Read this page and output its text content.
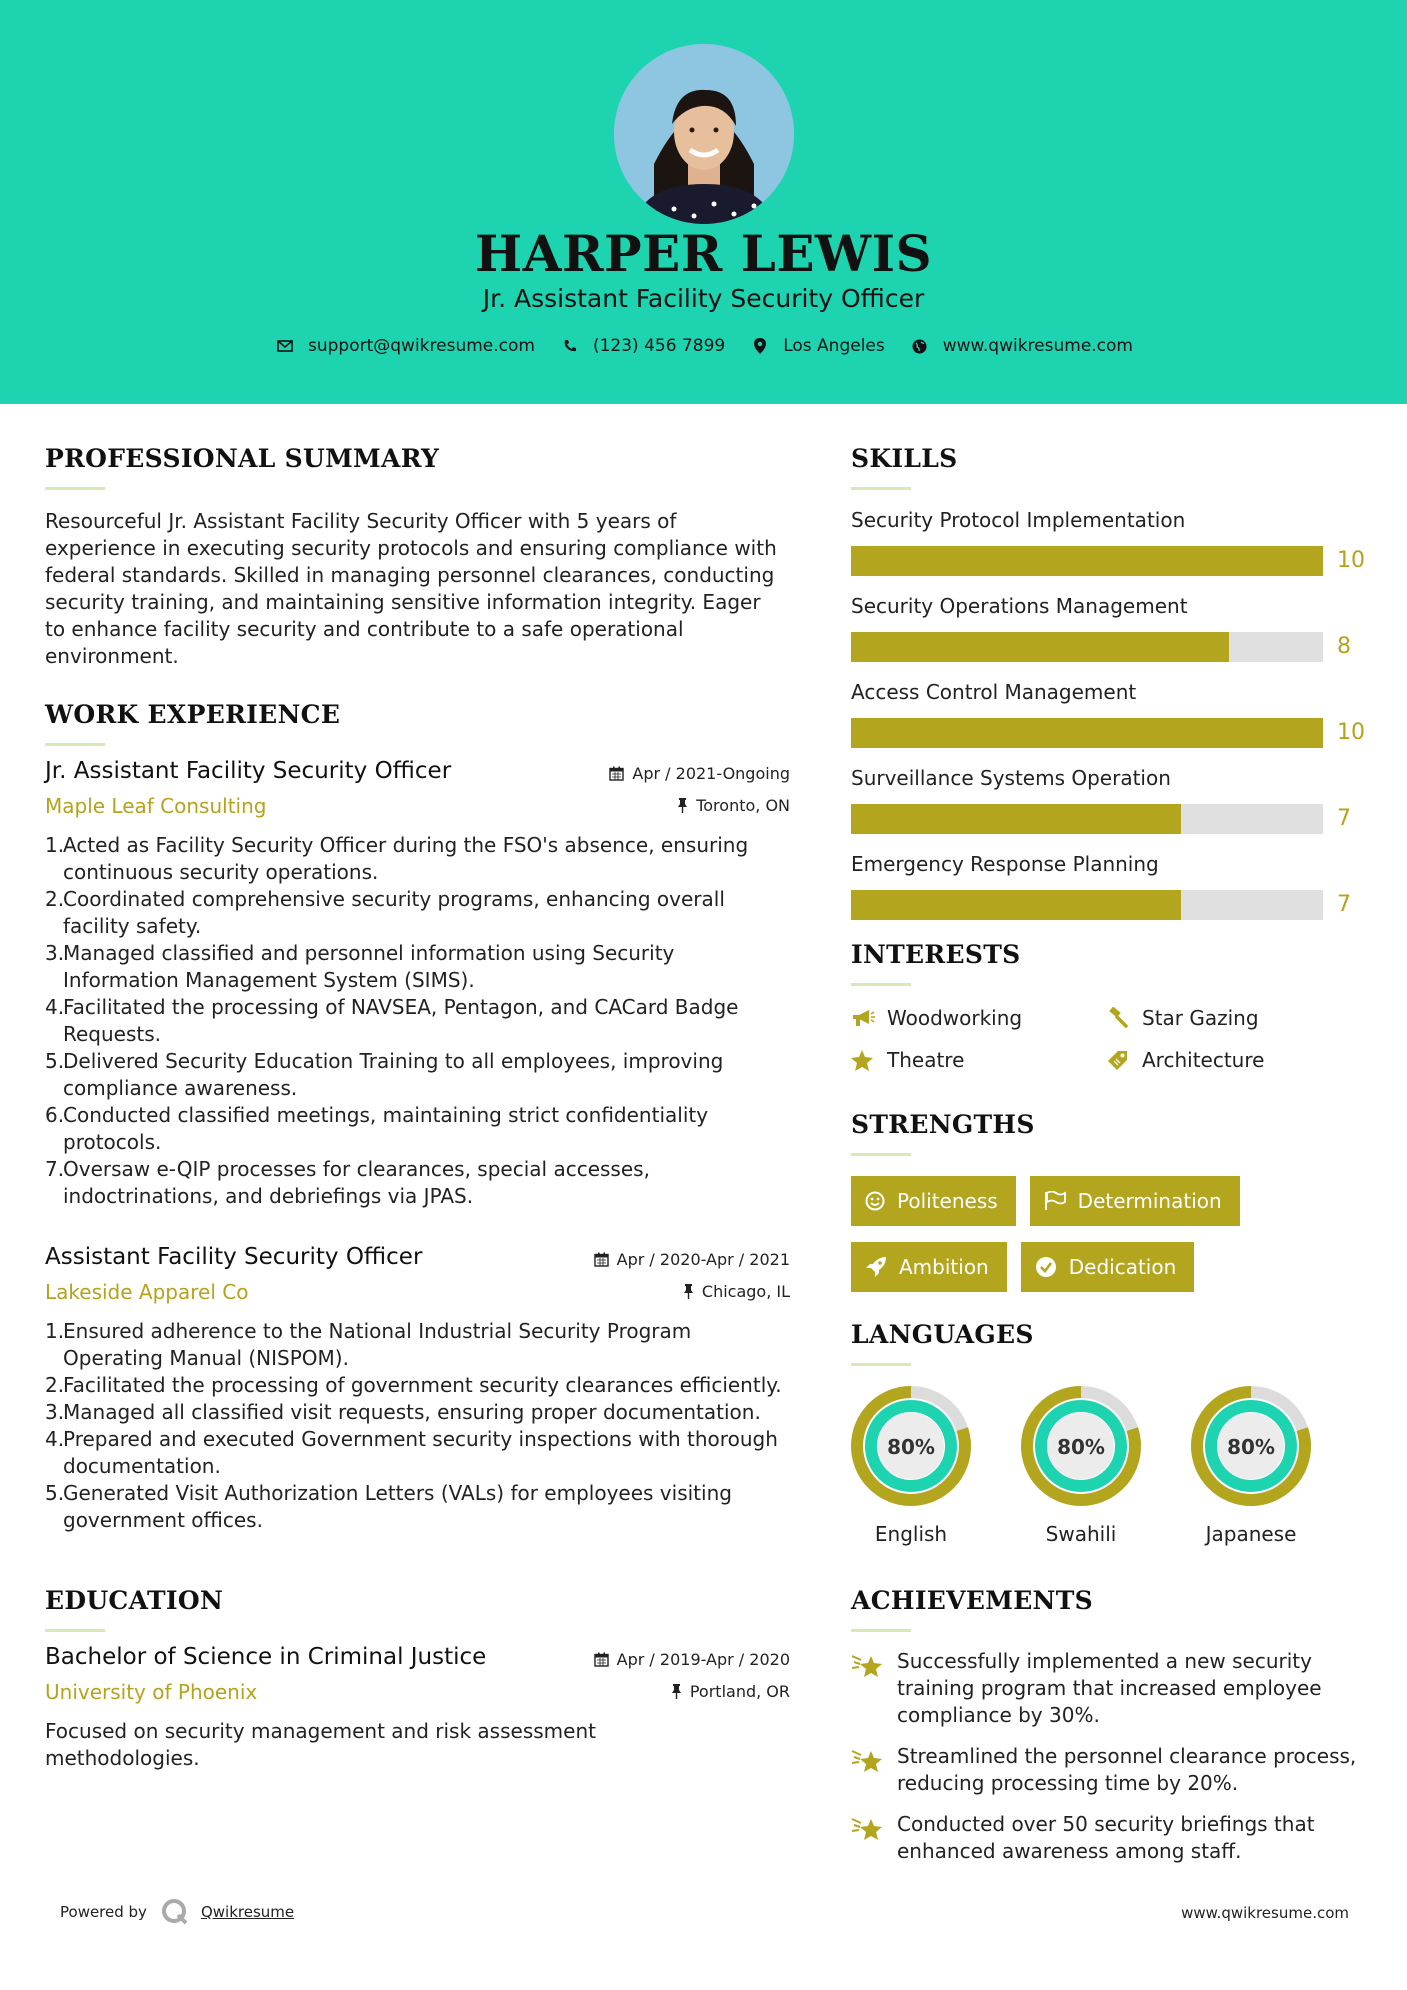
HARPER LEWIS
Jr. Assistant Facility Security Officer
support@qwikresume.com	(123) 456 7899	Los Angeles	www.qwikresume.com
PROFESSIONAL SUMMARY
Resourceful Jr. Assistant Facility Security Officer with 5 years of experience in executing security protocols and ensuring compliance with federal standards. Skilled in managing personnel clearances, conducting security training, and maintaining sensitive information integrity. Eager to enhance facility security and contribute to a safe operational environment.
WORK EXPERIENCE
Jr. Assistant Facility Security Officer	Apr / 2021-Ongoing
Maple Leaf Consulting	Toronto, ON
Acted as Facility Security Officer during the FSO's absence, ensuring continuous security operations.
Coordinated comprehensive security programs, enhancing overall facility safety.
Managed classified and personnel information using Security Information Management System (SIMS).
Facilitated the processing of NAVSEA, Pentagon, and CACard Badge Requests.
Delivered Security Education Training to all employees, improving compliance awareness.
Conducted classified meetings, maintaining strict confidentiality protocols.
Oversaw e-QIP processes for clearances, special accesses, indoctrinations, and debriefings via JPAS.
Assistant Facility Security Officer	Apr / 2020-Apr / 2021
Lakeside Apparel Co	Chicago, IL
Ensured adherence to the National Industrial Security Program Operating Manual (NISPOM).
Facilitated the processing of government security clearances efficiently.
Managed all classified visit requests, ensuring proper documentation.
Prepared and executed Government security inspections with thorough documentation.
Generated Visit Authorization Letters (VALs) for employees visiting government offices.
EDUCATION
Bachelor of Science in Criminal Justice	Apr / 2019-Apr / 2020
University of Phoenix	Portland, OR
Focused on security management and risk assessment methodologies.
SKILLS
Security Protocol Implementation
10
Security Operations Management
8
Access Control Management
10
Surveillance Systems Operation
7
Emergency Response Planning
7
INTERESTS
Woodworking	Star Gazing
Theatre	Architecture
STRENGTHS
Politeness	Determination
Ambition	Dedication
LANGUAGES
80%
English
80%
Swahili
80%
Japanese
ACHIEVEMENTS
Successfully implemented a new security training program that increased employee compliance by 30%.
Streamlined the personnel clearance process, reducing processing time by 20%.
Conducted over 50 security briefings that enhanced awareness among staff.
Powered by	Qwikresume	www.qwikresume.com
